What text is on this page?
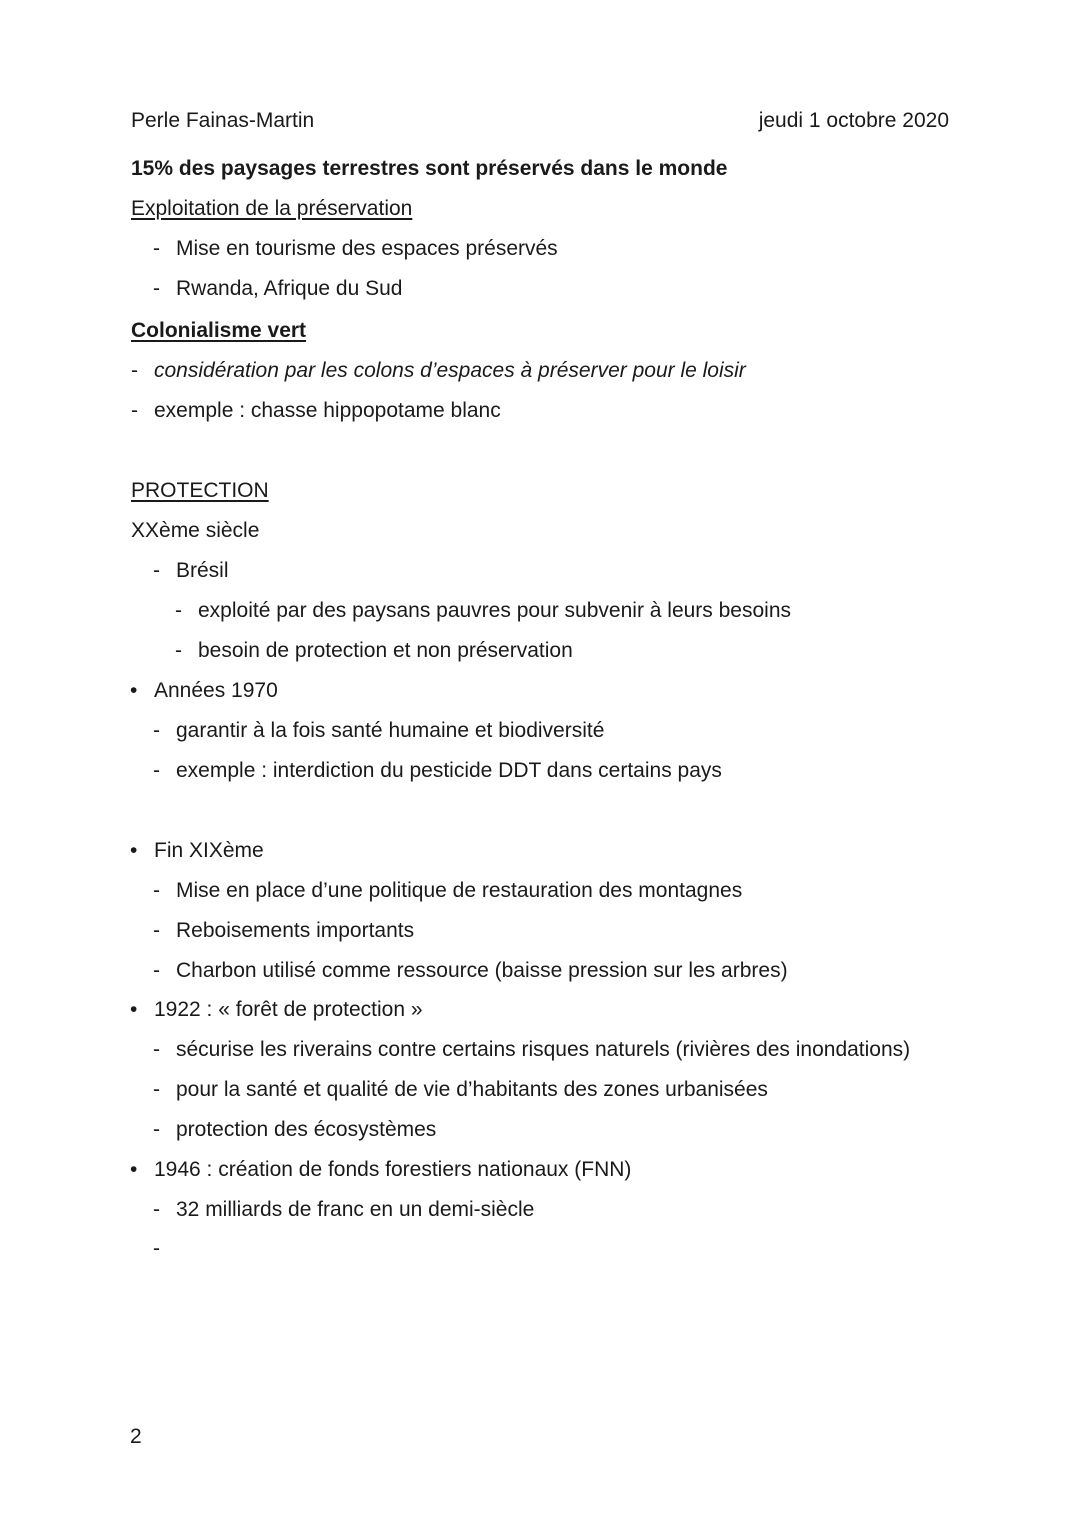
Perle Fainas-Martin	jeudi 1 octobre 2020
15% des paysages terrestres sont préservés dans le monde
Exploitation de la préservation
- Mise en tourisme des espaces préservés
- Rwanda, Afrique du Sud
Colonialisme vert
- considération par les colons d’espaces à préserver pour le loisir
- exemple : chasse hippopotame blanc
PROTECTION
XXème siècle
- Brésil
- exploité par des paysans pauvres pour subvenir à leurs besoins
- besoin de protection et non préservation
• Années 1970
- garantir à la fois santé humaine et biodiversité
- exemple : interdiction du pesticide DDT dans certains pays
• Fin XIXème
- Mise en place d’une politique de restauration des montagnes
- Reboisements importants
- Charbon utilisé comme ressource (baisse pression sur les arbres)
• 1922 : « forêt de protection »
- sécurise les riverains contre certains risques naturels (rivières des inondations)
- pour la santé et qualité de vie d’habitants des zones urbanisées
- protection des écosystèmes
• 1946 : création de fonds forestiers nationaux (FNN)
- 32 milliards de franc en un demi-siècle
-
2
